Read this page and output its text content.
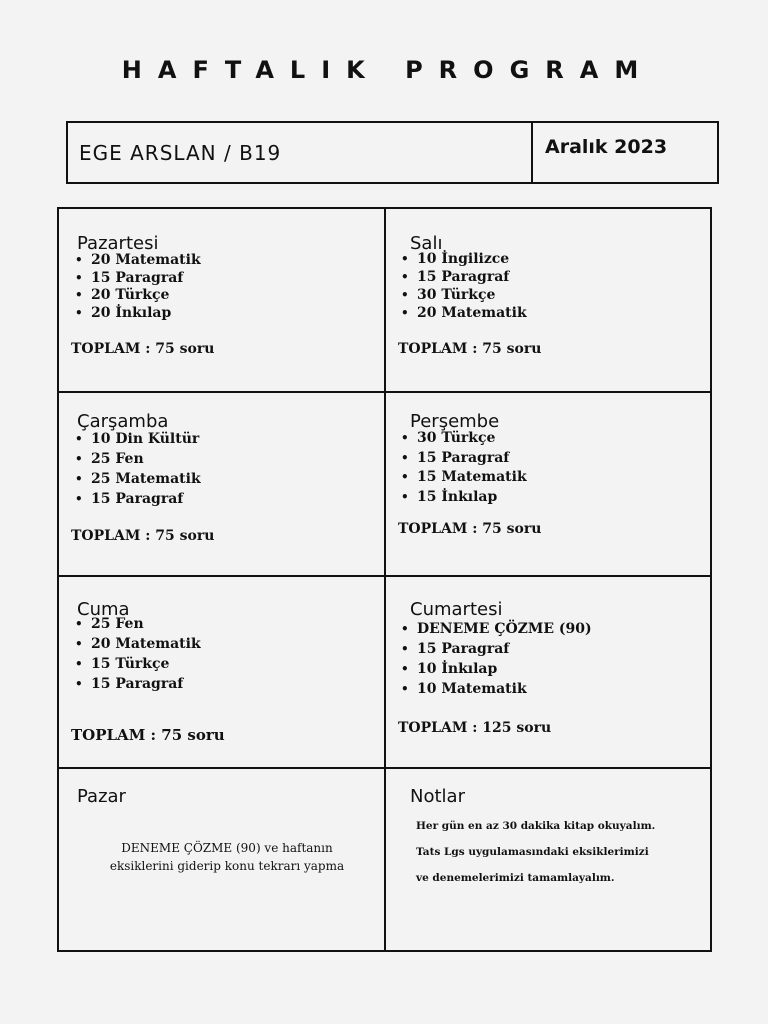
HAFTALIK PROGRAM
EGE ARSLAN / B19	Aralık 2023
Pazartesi
• 20 Matematik
• 15 Paragraf
• 20 Türkçe
• 20 İnkılap
TOPLAM : 75 soru
Salı
• 10 İngilizce
• 15 Paragraf
• 30 Türkçe
• 20 Matematik
TOPLAM : 75 soru
Çarşamba
• 10 Din Kültür
• 25 Fen
• 25 Matematik
• 15 Paragraf
TOPLAM : 75 soru
Perşembe
• 30 Türkçe
• 15 Paragraf
• 15 Matematik
• 15 İnkılap
TOPLAM : 75 soru
Cuma
• 25 Fen
• 20 Matematik
• 15 Türkçe
• 15 Paragraf
TOPLAM : 75 soru
Cumartesi
• DENEME ÇÖZME (90)
• 15 Paragraf
• 10 İnkılap
• 10 Matematik
TOPLAM : 125 soru
Pazar
DENEME ÇÖZME (90) ve haftanın
eksiklerini giderip konu tekrarı yapma
Notlar
Her gün en az 30 dakika kitap okuyalım.
Tats Lgs uygulamasındaki eksiklerimizi
ve denemelerimizi tamamlayalım.
